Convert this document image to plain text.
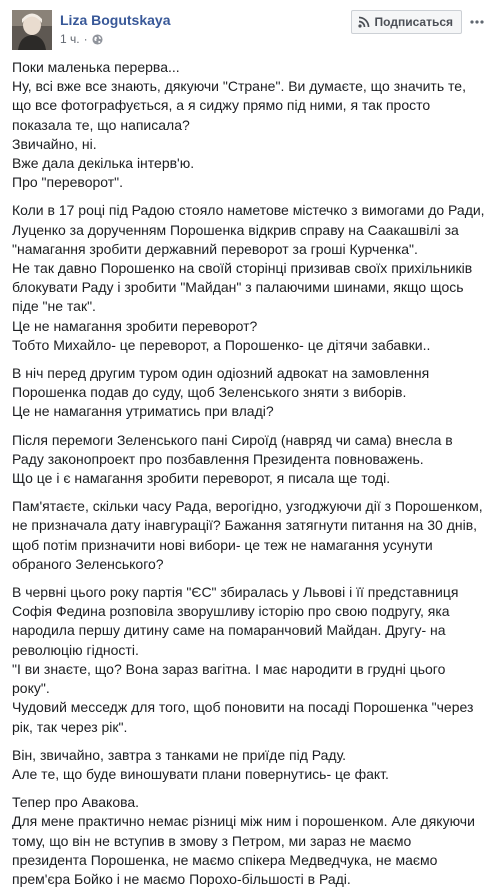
Liza Bogutskaya
1 ч. ·
Подписаться

Поки маленька перерва...

Ну, всі вже все знають, дякуючи "Стране". Ви думаєте, що значить те, що все фотографується, а я сиджу прямо під ними, я так просто показала те, що написала?

Звичайно, ні.

Вже дала декілька інтерв'ю.

Про "переворот".

Коли в 17 році під Радою стояло наметове містечко з вимогами до Ради, Луценко за дорученням Порошенка відкрив справу на Саакашвілі за "намагання зробити державний переворот за гроші Курченка".

Не так давно Порошенко на своїй сторінці призивав своїх прихільників блокувати Раду і зробити "Майдан" з палаючими шинами, якщо щось піде "не так".

Це не намагання зробити переворот?

Тобто Михайло- це переворот, а Порошенко- це дітячи забавки..

В ніч перед другим туром один одіозний адвокат на замовлення Порошенка подав до суду, щоб Зеленського зняти з виборів.

Це не намагання утриматись при владі?

Після перемоги Зеленського пані Сироїд (навряд чи сама) внесла в Раду законопроект про позбавлення Президента повноважень.

Що це і є намагання зробити переворот, я писала ще тоді.

Пам'ятаєте, скільки часу Рада, верогідно, узгоджуючи дії з Порошенком, не призначала дату інавгурації? Бажання затягнути питання на 30 днів, щоб потім призначити нові вибори- це теж не намагання усунути обраного Зеленського?

В червні цього року партія "ЄС" збиралась у Львові і її представниця Софія Федина розповіла зворушливу історію про свою подругу, яка народила першу дитину саме на помаранчовий Майдан. Другу- на революцію гідності.

"І ви знаєте, що? Вона зараз вагітна. І має народити в грудні цього року".

Чудовий месседж для того, щоб поновити на посаді Порошенка "через рік, так через рік".

Він, звичайно, завтра з танками не приїде під Раду.

Але те, що буде виношувати плани повернутись- це факт.

Тепер про Авакова.

Для мене практично немає різниці між ним і порошенком. Але дякуючи тому, що він не вступив в змову з Петром, ми зараз не маємо президента Порошенка, не маємо спікера Медведчука, не маємо прем'єра Бойко і не маємо Порохо-більшості в Раді.
